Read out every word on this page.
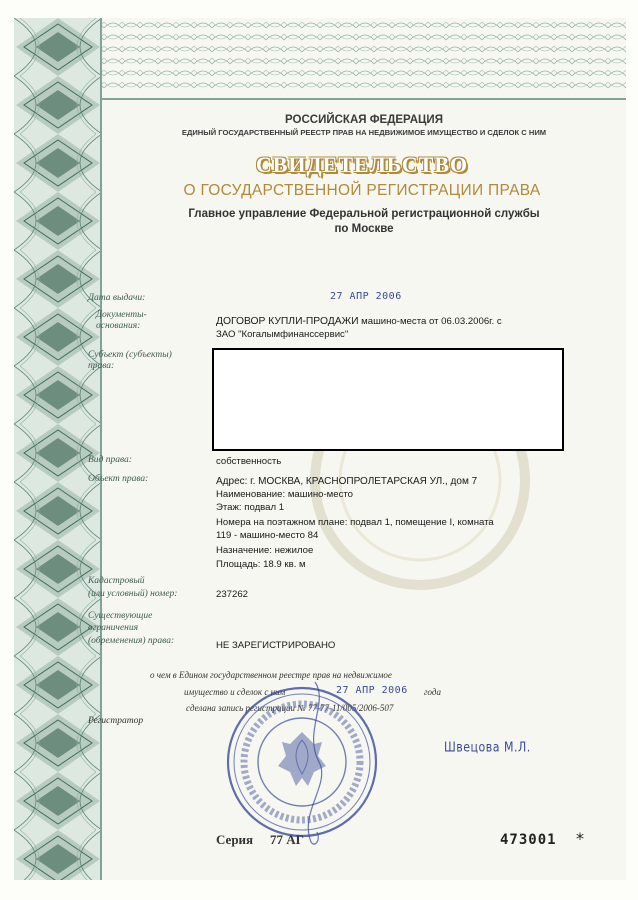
РОССИЙСКАЯ ФЕДЕРАЦИЯ
ЕДИНЫЙ ГОСУДАРСТВЕННЫЙ РЕЕСТР ПРАВ НА НЕДВИЖИМОЕ ИМУЩЕСТВО И СДЕЛОК С НИМ
СВИДЕТЕЛЬСТВО
О ГОСУДАРСТВЕННОЙ РЕГИСТРАЦИИ ПРАВА
Главное управление Федеральной регистрационной службы
по Москве
Дата выдачи:	27 АПР 2006
Документы-
основания:	ДОГОВОР КУПЛИ-ПРОДАЖИ машино-места от 06.03.2006г. с
ЗАО "Когалымфинанссервис"
Субъект (субъекты)
права:
Вид права:	собственность
Объект права:	Адрес: г. МОСКВА, КРАСНОПРОЛЕТАРСКАЯ УЛ., дом 7
Наименование: машино-место
Этаж: подвал 1
Номера на поэтажном плане: подвал 1, помещение I, комната
119 - машино-место 84
Назначение: нежилое
Площадь: 18.9 кв. м
Кадастровый
(или условный) номер:	237262
Существующие
ограничения
(обременения) права:	НЕ ЗАРЕГИСТРИРОВАНО
о чем в Едином государственном реестре прав на недвижимое
имущество и сделок с ним	27 АПР 2006 года
сделана запись регистрации № 77-77-11/005/2006-507
Регистратор
Швецова М.Л.
Серия 77 АГ	473001 *
